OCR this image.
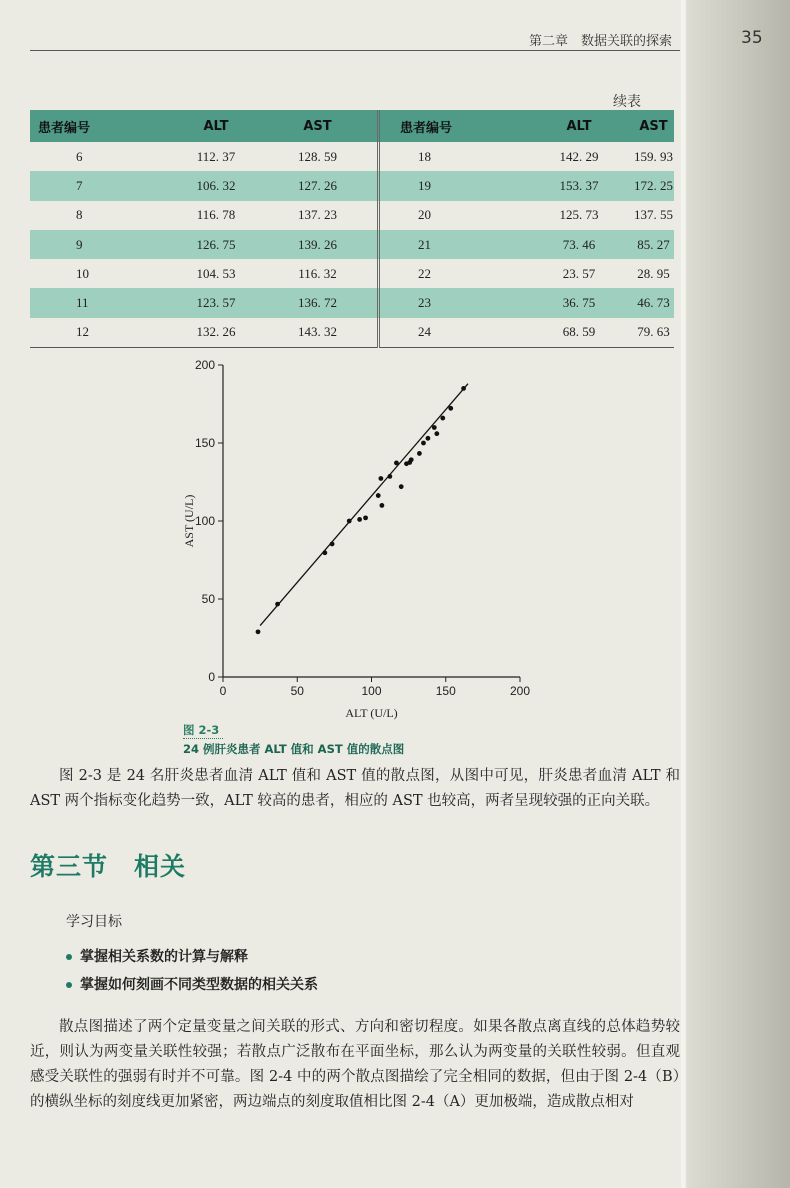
第二章　数据关联的探索	35
续表
患者编号	ALT	AST	患者编号	ALT	AST
6	112. 37	128. 59	18	142. 29	159. 93
7	106. 32	127. 26	19	153. 37	172. 25
8	116. 78	137. 23	20	125. 73	137. 55
9	126. 75	139. 26	21	73. 46	85. 27
10	104. 53	116. 32	22	23. 57	28. 95
11	123. 57	136. 72	23	36. 75	46. 73
12	132. 26	143. 32	24	68. 59	79. 63
0	50	100	150	200
0
50
100
150
200
ALT (U/L)
AST (U/L)
图 2-3
24 例肝炎患者 ALT 值和 AST 值的散点图

图 2-3 是 24 名肝炎患者血清 ALT 值和 AST 值的散点图，从图中可见，肝炎患者血清 ALT 和 AST 两个指标变化趋势一致，ALT 较高的患者，相应的 AST 也较高，两者呈现较强的正向关联。

第三节　相关
学习目标
掌握相关系数的计算与解释
掌握如何刻画不同类型数据的相关关系

散点图描述了两个定量变量之间关联的形式、方向和密切程度。如果各散点离直线的总体趋势较近，则认为两变量关联性较强；若散点广泛散布在平面坐标，那么认为两变量的关联性较弱。但直观感受关联性的强弱有时并不可靠。图 2-4 中的两个散点图描绘了完全相同的数据，但由于图 2-4（B）的横纵坐标的刻度线更加紧密，两边端点的刻度取值相比图 2-4（A）更加极端，造成散点相对
